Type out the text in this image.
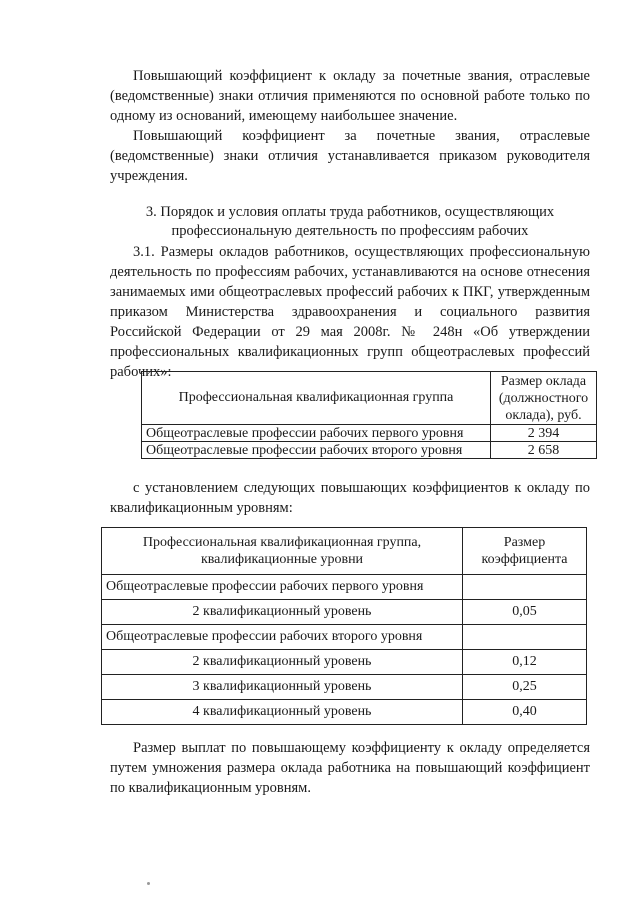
Повышающий коэффициент к окладу за почетные звания, отраслевые (ведомственные) знаки отличия применяются по основной работе только по одному из оснований, имеющему наибольшее значение.

Повышающий коэффициент за почетные звания, отраслевые (ведомственные) знаки отличия устанавливается приказом руководителя учреждения.

3. Порядок и условия оплаты труда работников, осуществляющих
профессиональную деятельность по профессиям рабочих

3.1. Размеры окладов работников, осуществляющих профессиональную деятельность по профессиям рабочих, устанавливаются на основе отнесения занимаемых ими общеотраслевых профессий рабочих к ПКГ, утвержденным приказом Министерства здравоохранения и социального развития Российской Федерации от 29 мая 2008г. № 248н «Об утверждении профессиональных квалификационных групп общеотраслевых профессий рабочих»:

Профессиональная квалификационная группа	Размер оклада (должностного оклада), руб.
Общеотраслевые профессии рабочих первого уровня	2 394
Общеотраслевые профессии рабочих второго уровня	2 658

с установлением следующих повышающих коэффициентов к окладу по квалификационным уровням:

Профессиональная квалификационная группа, квалификационные уровни	Размер коэффициента
Общеотраслевые профессии рабочих первого уровня	
2 квалификационный уровень	0,05
Общеотраслевые профессии рабочих второго уровня	
2 квалификационный уровень	0,12
3 квалификационный уровень	0,25
4 квалификационный уровень	0,40

Размер выплат по повышающему коэффициенту к окладу определяется путем умножения размера оклада работника на повышающий коэффициент по квалификационным уровням.
